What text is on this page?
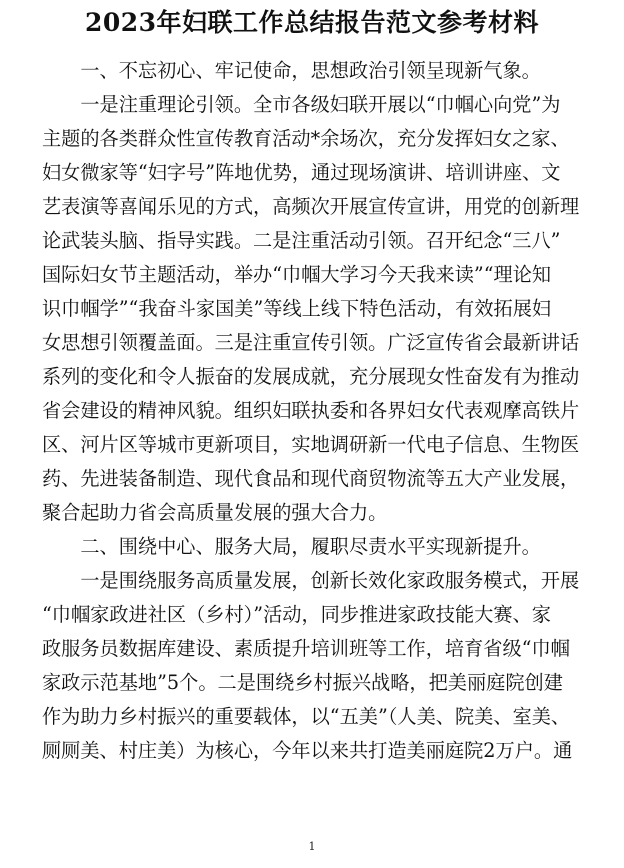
2023年妇联工作总结报告范文参考材料
　　一、不忘初心、牢记使命，思想政治引领呈现新气象。
　　一是注重理论引领。全市各级妇联开展以“巾帼心向党”为
主题的各类群众性宣传教育活动*余场次，充分发挥妇女之家、
妇女微家等“妇字号”阵地优势，通过现场演讲、培训讲座、文
艺表演等喜闻乐见的方式，高频次开展宣传宣讲，用党的创新理
论武装头脑、指导实践。二是注重活动引领。召开纪念“三八”
国际妇女节主题活动，举办“巾帼大学习今天我来读”“理论知
识巾帼学”“我奋斗家国美”等线上线下特色活动，有效拓展妇
女思想引领覆盖面。三是注重宣传引领。广泛宣传省会最新讲话
系列的变化和令人振奋的发展成就，充分展现女性奋发有为推动
省会建设的精神风貌。组织妇联执委和各界妇女代表观摩高铁片
区、河片区等城市更新项目，实地调研新一代电子信息、生物医
药、先进装备制造、现代食品和现代商贸物流等五大产业发展，
聚合起助力省会高质量发展的强大合力。
　　二、围绕中心、服务大局，履职尽责水平实现新提升。
　　一是围绕服务高质量发展，创新长效化家政服务模式，开展
“巾帼家政进社区（乡村）”活动，同步推进家政技能大赛、家
政服务员数据库建设、素质提升培训班等工作，培育省级“巾帼
家政示范基地”5个。二是围绕乡村振兴战略，把美丽庭院创建
作为助力乡村振兴的重要载体，以“五美”（人美、院美、室美、
厕厕美、村庄美）为核心，今年以来共打造美丽庭院2万户。通
1
